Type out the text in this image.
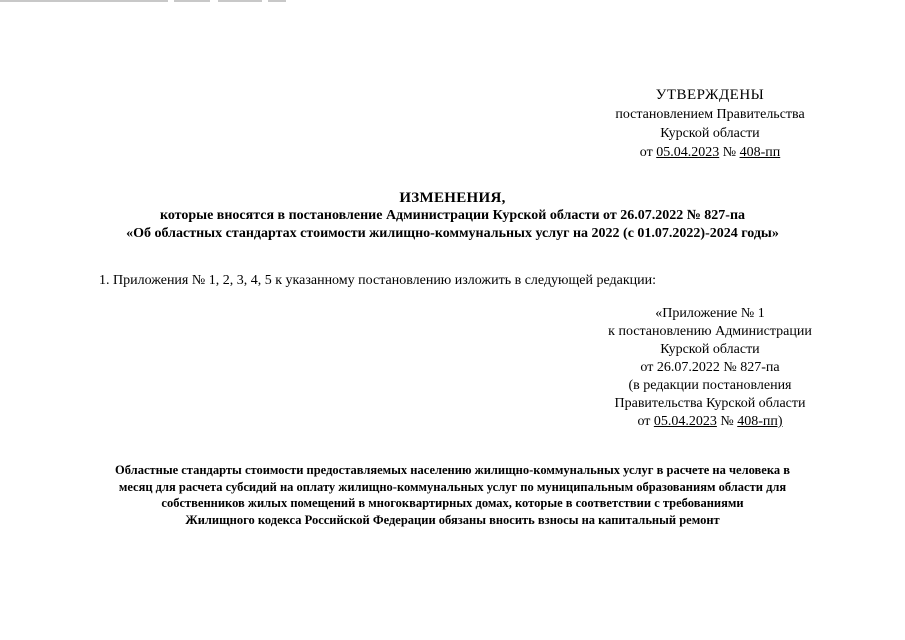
УТВЕРЖДЕНЫ
постановлением Правительства
Курской области
от 05.04.2023 № 408-пп
ИЗМЕНЕНИЯ,
которые вносятся в постановление Администрации Курской области от 26.07.2022 № 827-па
«Об областных стандартах стоимости жилищно-коммунальных услуг на 2022 (с 01.07.2022)-2024 годы»
1. Приложения № 1, 2, 3, 4, 5 к указанному постановлению изложить в следующей редакции:
«Приложение № 1
к постановлению Администрации
Курской области
от 26.07.2022 № 827-па
(в редакции постановления
Правительства Курской области
от 05.04.2023 № 408-пп)
Областные стандарты стоимости предоставляемых населению жилищно-коммунальных услуг в расчете на человека в
месяц для расчета субсидий на оплату жилищно-коммунальных услуг по муниципальным образованиям области для
собственников жилых помещений в многоквартирных домах, которые в соответствии с требованиями
Жилищного кодекса Российской Федерации обязаны вносить взносы на капитальный ремонт
